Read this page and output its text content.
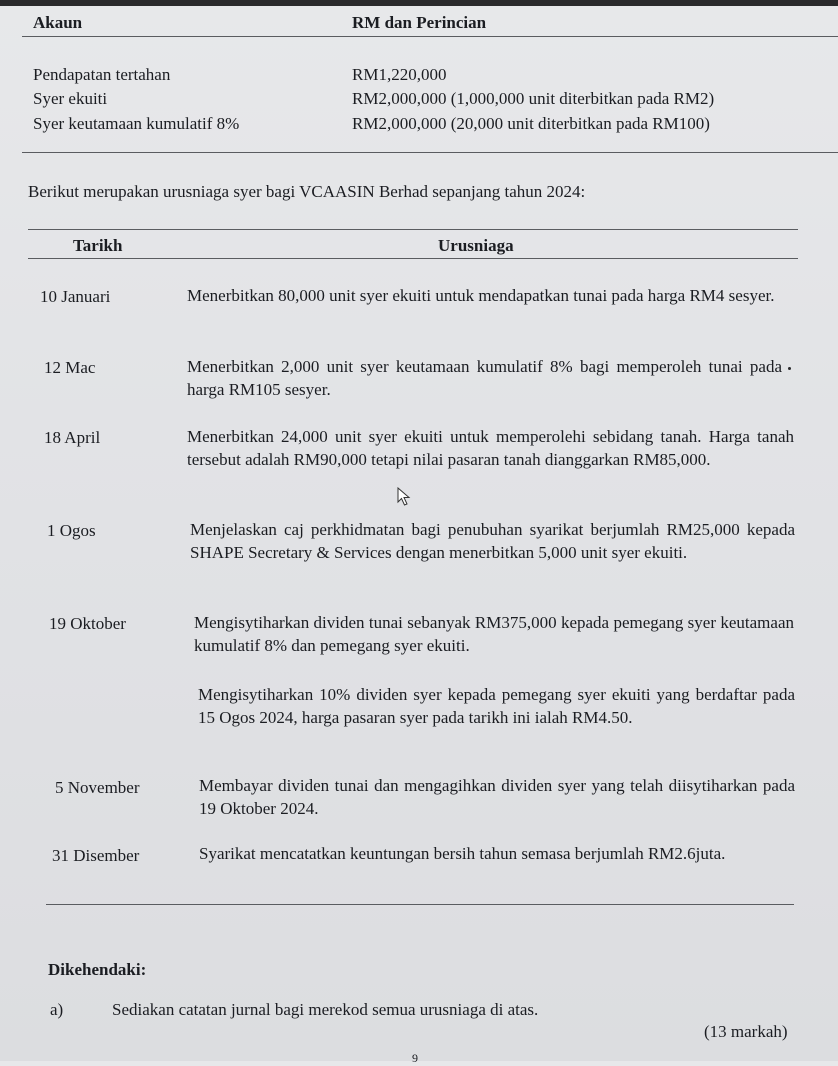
Akaun	RM dan Perincian
Pendapatan tertahan	RM1,220,000
Syer ekuiti	RM2,000,000 (1,000,000 unit diterbitkan pada RM2)
Syer keutamaan kumulatif 8%	RM2,000,000 (20,000 unit diterbitkan pada RM100)
Berikut merupakan urusniaga syer bagi VCAASIN Berhad sepanjang tahun 2024:
Tarikh	Urusniaga
10 Januari	Menerbitkan 80,000 unit syer ekuiti untuk mendapatkan tunai pada harga RM4 sesyer.
12 Mac	Menerbitkan 2,000 unit syer keutamaan kumulatif 8% bagi memperoleh tunai pada harga RM105 sesyer.
18 April	Menerbitkan 24,000 unit syer ekuiti untuk memperolehi sebidang tanah. Harga tanah tersebut adalah RM90,000 tetapi nilai pasaran tanah dianggarkan RM85,000.
1 Ogos	Menjelaskan caj perkhidmatan bagi penubuhan syarikat berjumlah RM25,000 kepada SHAPE Secretary & Services dengan menerbitkan 5,000 unit syer ekuiti.
19 Oktober	Mengisytiharkan dividen tunai sebanyak RM375,000 kepada pemegang syer keutamaan kumulatif 8% dan pemegang syer ekuiti.
Mengisytiharkan 10% dividen syer kepada pemegang syer ekuiti yang berdaftar pada 15 Ogos 2024, harga pasaran syer pada tarikh ini ialah RM4.50.
5 November	Membayar dividen tunai dan mengagihkan dividen syer yang telah diisytiharkan pada 19 Oktober 2024.
31 Disember	Syarikat mencatatkan keuntungan bersih tahun semasa berjumlah RM2.6juta.
Dikehendaki:
a)	Sediakan catatan jurnal bagi merekod semua urusniaga di atas.
(13 markah)
9
